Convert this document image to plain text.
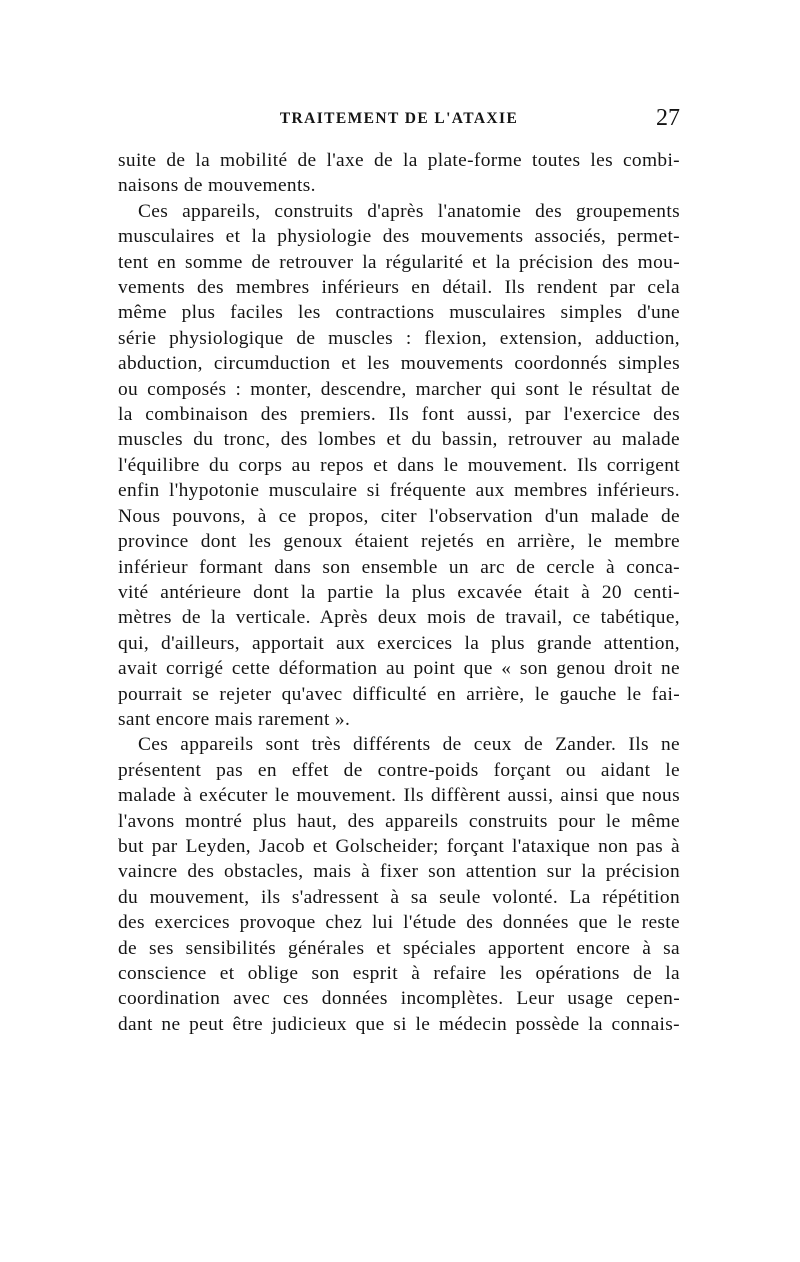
TRAITEMENT DE L'ATAXIE	27
suite de la mobilité de l'axe de la plate-forme toutes les combi-
naisons de mouvements.
Ces appareils, construits d'après l'anatomie des groupements
musculaires et la physiologie des mouvements associés, permet-
tent en somme de retrouver la régularité et la précision des mou-
vements des membres inférieurs en détail. Ils rendent par cela
même plus faciles les contractions musculaires simples d'une
série physiologique de muscles : flexion, extension, adduction,
abduction, circumduction et les mouvements coordonnés simples
ou composés : monter, descendre, marcher qui sont le résultat de
la combinaison des premiers. Ils font aussi, par l'exercice des
muscles du tronc, des lombes et du bassin, retrouver au malade
l'équilibre du corps au repos et dans le mouvement. Ils corrigent
enfin l'hypotonie musculaire si fréquente aux membres inférieurs.
Nous pouvons, à ce propos, citer l'observation d'un malade de
province dont les genoux étaient rejetés en arrière, le membre
inférieur formant dans son ensemble un arc de cercle à conca-
vité antérieure dont la partie la plus excavée était à 20 centi-
mètres de la verticale. Après deux mois de travail, ce tabétique,
qui, d'ailleurs, apportait aux exercices la plus grande attention,
avait corrigé cette déformation au point que « son genou droit ne
pourrait se rejeter qu'avec difficulté en arrière, le gauche le fai-
sant encore mais rarement ».
Ces appareils sont très différents de ceux de Zander. Ils ne
présentent pas en effet de contre-poids forçant ou aidant le
malade à exécuter le mouvement. Ils diffèrent aussi, ainsi que nous
l'avons montré plus haut, des appareils construits pour le même
but par Leyden, Jacob et Golscheider; forçant l'ataxique non pas à
vaincre des obstacles, mais à fixer son attention sur la précision
du mouvement, ils s'adressent à sa seule volonté. La répétition
des exercices provoque chez lui l'étude des données que le reste
de ses sensibilités générales et spéciales apportent encore à sa
conscience et oblige son esprit à refaire les opérations de la
coordination avec ces données incomplètes. Leur usage cepen-
dant ne peut être judicieux que si le médecin possède la connais-
